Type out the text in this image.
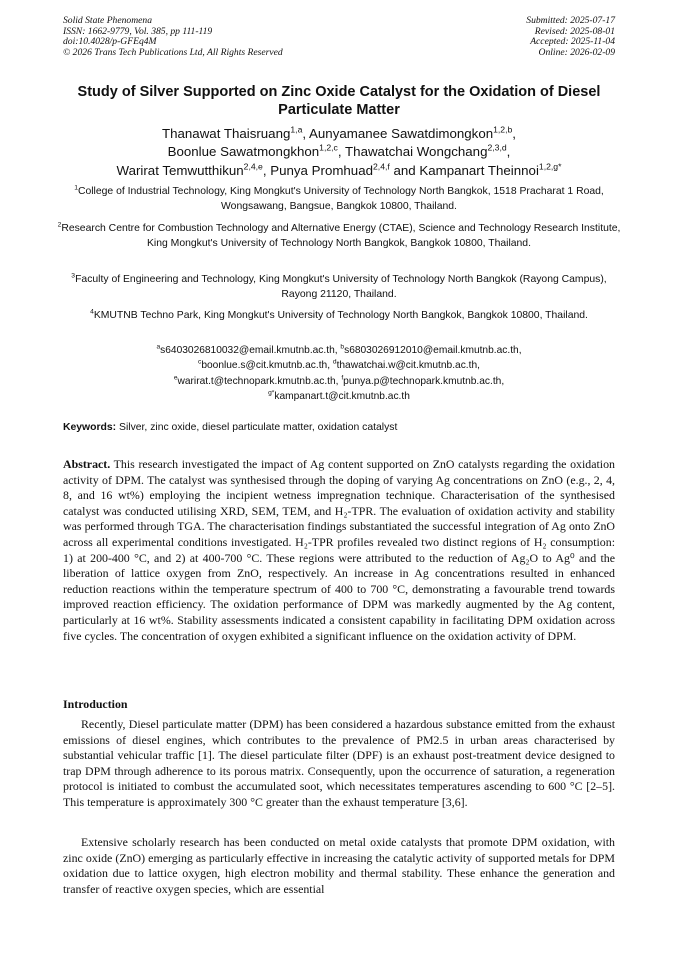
Solid State Phenomena
ISSN: 1662-9779, Vol. 385, pp 111-119
doi:10.4028/p-GFEq4M
© 2026 Trans Tech Publications Ltd, All Rights Reserved
Submitted: 2025-07-17
Revised: 2025-08-01
Accepted: 2025-11-04
Online: 2026-02-09
Study of Silver Supported on Zinc Oxide Catalyst for the Oxidation of Diesel Particulate Matter
Thanawat Thaisruang$^{1,a}$, Aunyamanee Sawatdimongkon$^{1,2,b}$,
Boonlue Sawatmongkhon$^{1,2,c}$, Thawatchai Wongchang$^{2,3,d}$,
Warirat Temwutthikun$^{2,4,e}$, Punya Promhuad$^{2,4,f}$ and Kampanart Theinnoi$^{1,2,g*}$
$^1$College of Industrial Technology, King Mongkut's University of Technology North Bangkok, 1518 Pracharat 1 Road, Wongsawang, Bangsue, Bangkok 10800, Thailand.
$^2$Research Centre for Combustion Technology and Alternative Energy (CTAE), Science and Technology Research Institute, King Mongkut's University of Technology North Bangkok, Bangkok 10800, Thailand.
$^3$Faculty of Engineering and Technology, King Mongkut's University of Technology North Bangkok (Rayong Campus), Rayong 21120, Thailand.
$^4$KMUTNB Techno Park, King Mongkut's University of Technology North Bangkok, Bangkok 10800, Thailand.
$^a$s6403026810032@email.kmutnb.ac.th, $^b$s6803026912010@email.kmutnb.ac.th,
$^c$boonlue.s@cit.kmutnb.ac.th, $^d$thawatchai.w@cit.kmutnb.ac.th,
$^e$warirat.t@technopark.kmutnb.ac.th, $^f$punya.p@technopark.kmutnb.ac.th,
$^{g*}$kampanart.t@cit.kmutnb.ac.th
Keywords: Silver, zinc oxide, diesel particulate matter, oxidation catalyst
Abstract. This research investigated the impact of Ag content supported on ZnO catalysts regarding the oxidation activity of DPM. The catalyst was synthesised through the doping of varying Ag concentrations on ZnO (e.g., 2, 4, 8, and 16 wt%) employing the incipient wetness impregnation technique. Characterisation of the synthesised catalyst was conducted utilising XRD, SEM, TEM, and H₂-TPR. The evaluation of oxidation activity and stability was performed through TGA. The characterisation findings substantiated the successful integration of Ag onto ZnO across all experimental conditions investigated. H₂-TPR profiles revealed two distinct regions of H₂ consumption: 1) at 200-400 °C, and 2) at 400-700 °C. These regions were attributed to the reduction of Ag₂O to Ag⁰ and the liberation of lattice oxygen from ZnO, respectively. An increase in Ag concentrations resulted in enhanced reduction reactions within the temperature spectrum of 400 to 700 °C, demonstrating a favourable trend towards improved reaction efficiency. The oxidation performance of DPM was markedly augmented by the Ag content, particularly at 16 wt%. Stability assessments indicated a consistent capability in facilitating DPM oxidation across five cycles. The concentration of oxygen exhibited a significant influence on the oxidation activity of DPM.
Introduction
Recently, Diesel particulate matter (DPM) has been considered a hazardous substance emitted from the exhaust emissions of diesel engines, which contributes to the prevalence of PM2.5 in urban areas characterised by substantial vehicular traffic [1]. The diesel particulate filter (DPF) is an exhaust post-treatment device designed to trap DPM through adherence to its porous matrix. Consequently, upon the occurrence of saturation, a regeneration protocol is initiated to combust the accumulated soot, which necessitates temperatures ascending to 600 °C [2–5]. This temperature is approximately 300 °C greater than the exhaust temperature [3,6].
Extensive scholarly research has been conducted on metal oxide catalysts that promote DPM oxidation, with zinc oxide (ZnO) emerging as particularly effective in increasing the catalytic activity of supported metals for DPM oxidation due to lattice oxygen, high electron mobility and thermal stability. These enhance the generation and transfer of reactive oxygen species, which are essential
